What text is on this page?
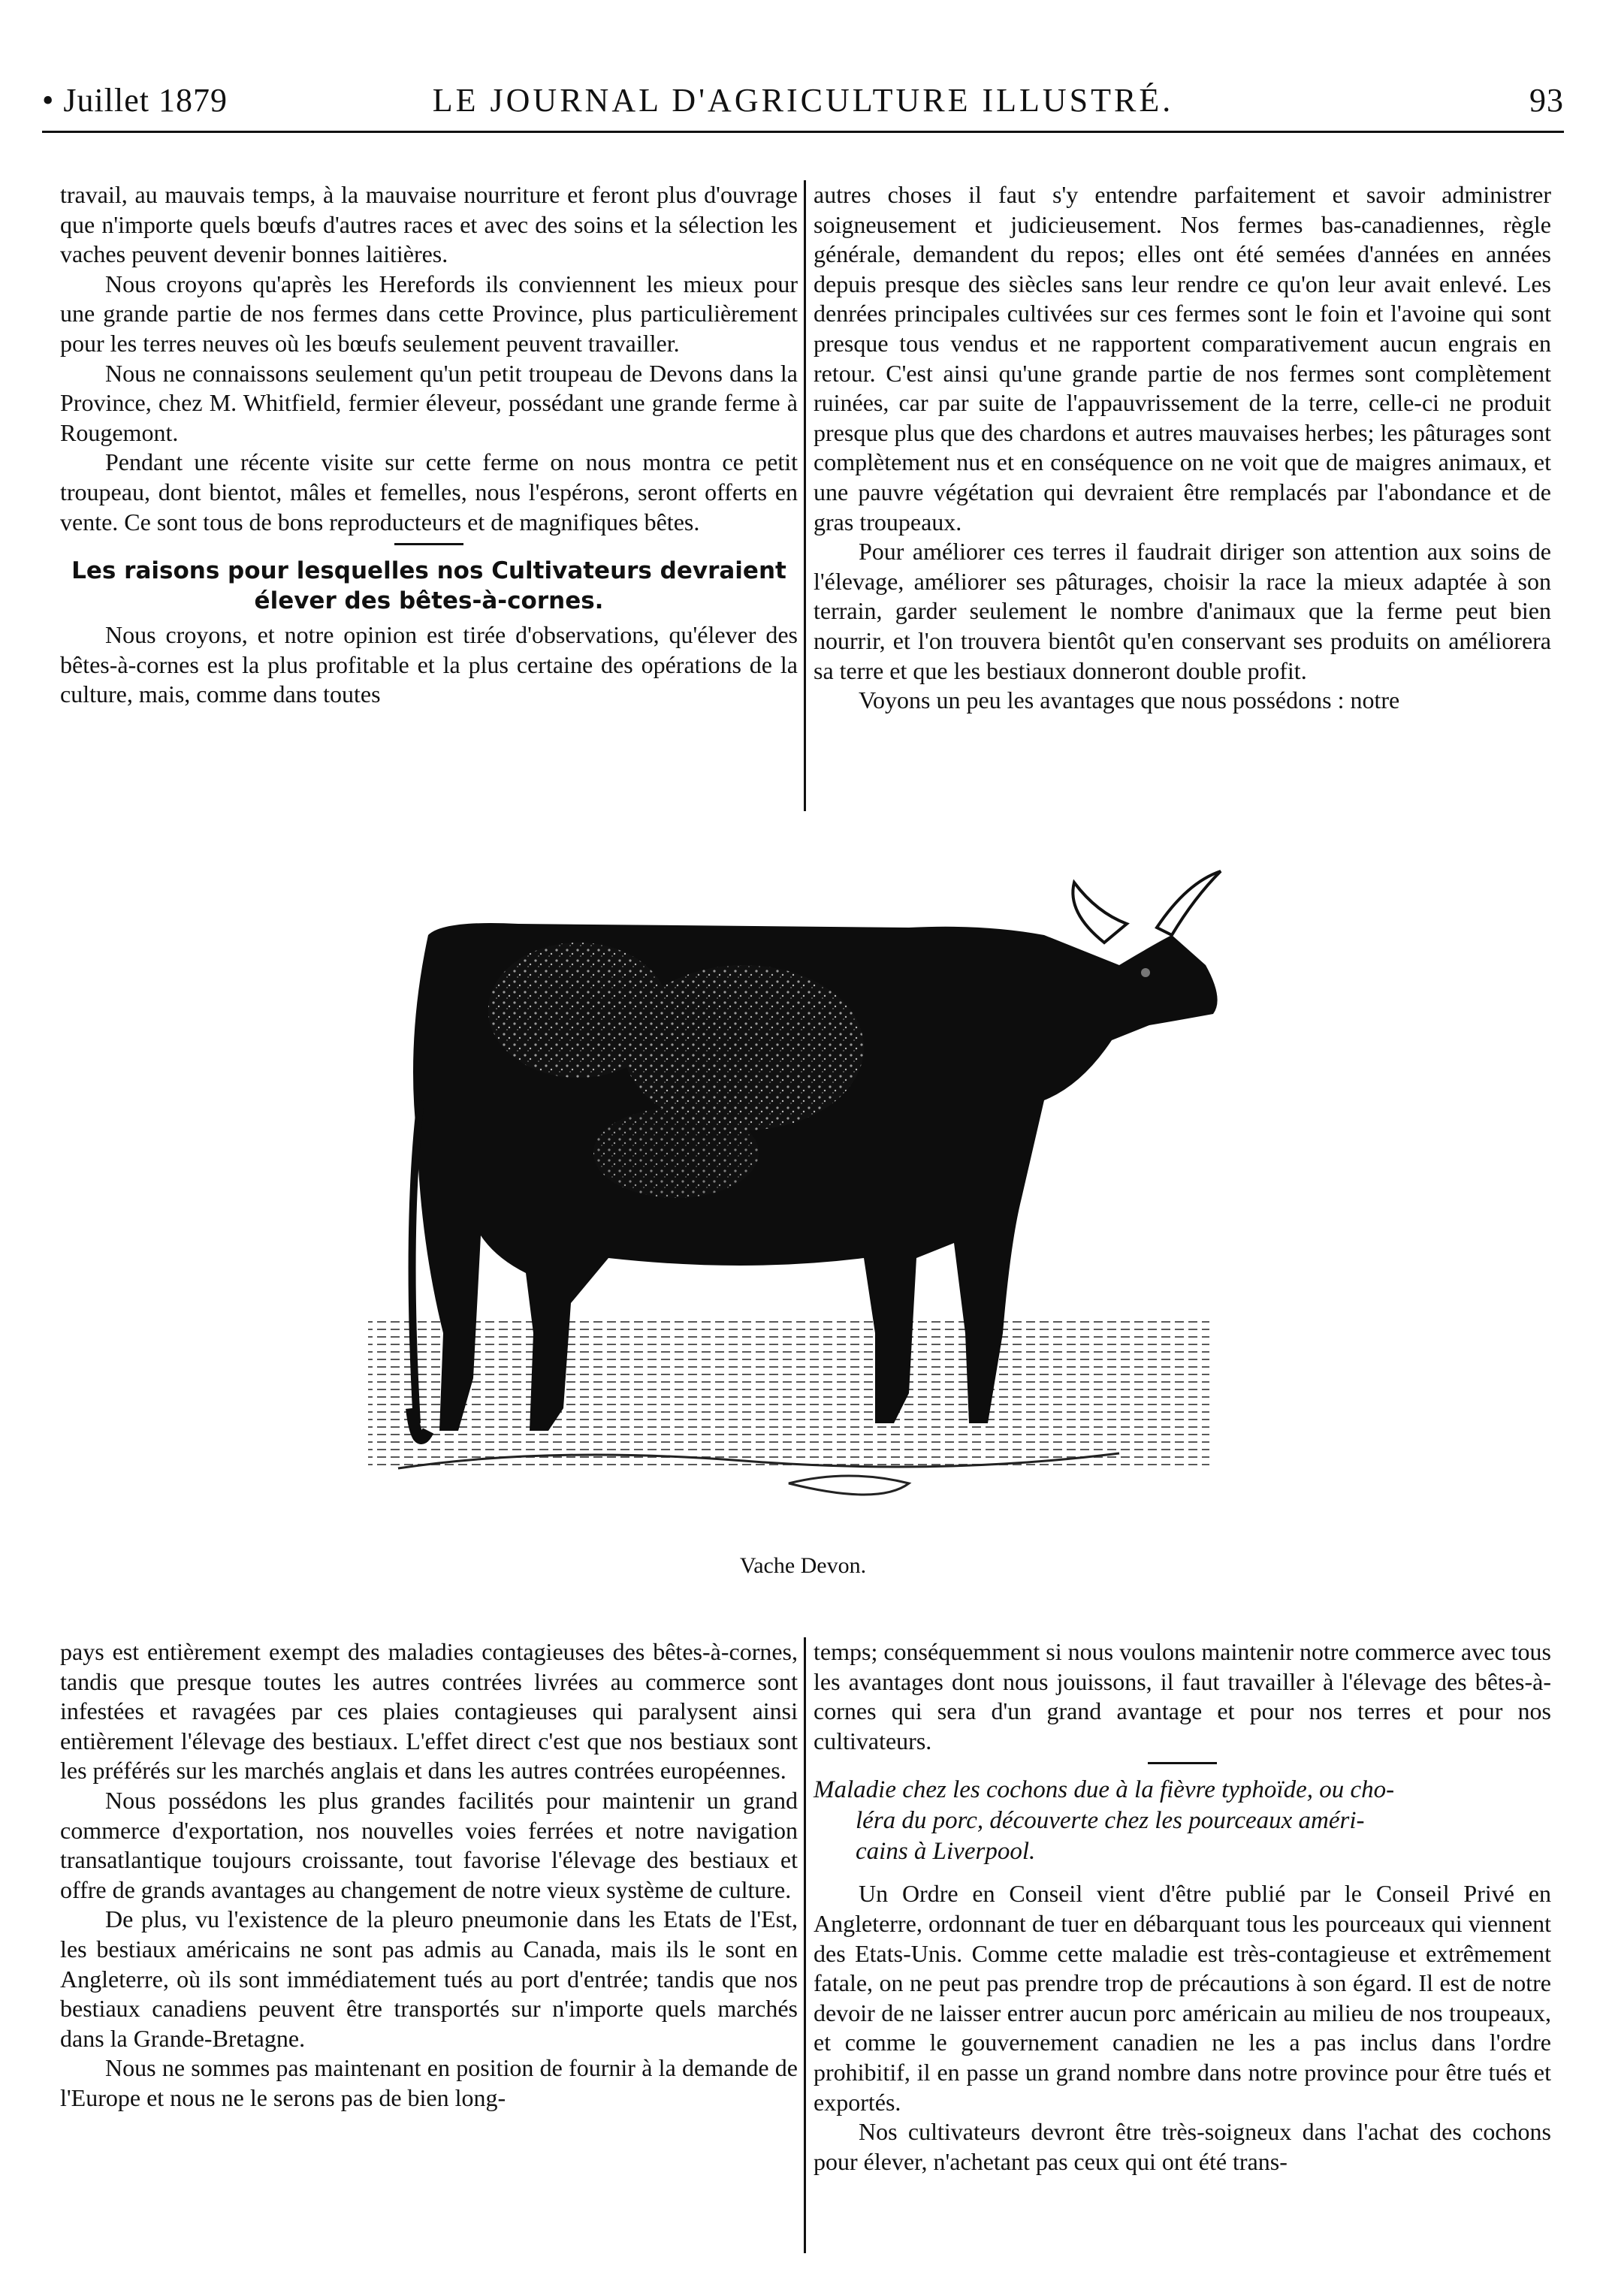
• Juillet 1879	LE JOURNAL D'AGRICULTURE ILLUSTRÉ.	93

travail, au mauvais temps, à la mauvaise nourriture et feront plus d'ouvrage que n'importe quels bœufs d'autres races et avec des soins et la sélection les vaches peuvent devenir bonnes laitières.

Nous croyons qu'après les Herefords ils conviennent les mieux pour une grande partie de nos fermes dans cette Province, plus particulièrement pour les terres neuves où les bœufs seulement peuvent travailler.

Nous ne connaissons seulement qu'un petit troupeau de Devons dans la Province, chez M. Whitfield, fermier éleveur, possédant une grande ferme à Rougemont.

Pendant une récente visite sur cette ferme on nous montra ce petit troupeau, dont bientot, mâles et femelles, nous l'espérons, seront offerts en vente. Ce sont tous de bons reproducteurs et de magnifiques bêtes.

Les raisons pour lesquelles nos Cultivateurs devraient élever des bêtes-à-cornes.

Nous croyons, et notre opinion est tirée d'observations, qu'élever des bêtes-à-cornes est la plus profitable et la plus certaine des opérations de la culture, mais, comme dans toutes

autres choses il faut s'y entendre parfaitement et savoir administrer soigneusement et judicieusement. Nos fermes bas-canadiennes, règle générale, demandent du repos; elles ont été semées d'années en années depuis presque des siècles sans leur rendre ce qu'on leur avait enlevé. Les denrées principales cultivées sur ces fermes sont le foin et l'avoine qui sont presque tous vendus et ne rapportent comparativement aucun engrais en retour. C'est ainsi qu'une grande partie de nos fermes sont complètement ruinées, car par suite de l'appauvrissement de la terre, celle-ci ne produit presque plus que des chardons et autres mauvaises herbes; les pâturages sont complètement nus et en conséquence on ne voit que de maigres animaux, et une pauvre végétation qui devraient être remplacés par l'abondance et de gras troupeaux.

Pour améliorer ces terres il faudrait diriger son attention aux soins de l'élevage, améliorer ses pâturages, choisir la race la mieux adaptée à son terrain, garder seulement le nombre d'animaux que la ferme peut bien nourrir, et l'on trouvera bientôt qu'en conservant ses produits on améliorera sa terre et que les bestiaux donneront double profit.

Voyons un peu les avantages que nous possédons : notre

Vache Devon.

pays est entièrement exempt des maladies contagieuses des bêtes-à-cornes, tandis que presque toutes les autres contrées livrées au commerce sont infestées et ravagées par ces plaies contagieuses qui paralysent ainsi entièrement l'élevage des bestiaux. L'effet direct c'est que nos bestiaux sont les préférés sur les marchés anglais et dans les autres contrées européennes.

Nous possédons les plus grandes facilités pour maintenir un grand commerce d'exportation, nos nouvelles voies ferrées et notre navigation transatlantique toujours croissante, tout favorise l'élevage des bestiaux et offre de grands avantages au changement de notre vieux système de culture.

De plus, vu l'existence de la pleuro pneumonie dans les Etats de l'Est, les bestiaux américains ne sont pas admis au Canada, mais ils le sont en Angleterre, où ils sont immédiatement tués au port d'entrée; tandis que nos bestiaux canadiens peuvent être transportés sur n'importe quels marchés dans la Grande-Bretagne.

Nous ne sommes pas maintenant en position de fournir à la demande de l'Europe et nous ne le serons pas de bien long-

temps; conséquemment si nous voulons maintenir notre commerce avec tous les avantages dont nous jouissons, il faut travailler à l'élevage des bêtes-à-cornes qui sera d'un grand avantage et pour nos terres et pour nos cultivateurs.

Maladie chez les cochons due à la fièvre typhoïde, ou cho-
léra du porc, découverte chez les pourceaux améri-
cains à Liverpool.

Un Ordre en Conseil vient d'être publié par le Conseil Privé en Angleterre, ordonnant de tuer en débarquant tous les pourceaux qui viennent des Etats-Unis. Comme cette maladie est très-contagieuse et extrêmement fatale, on ne peut pas prendre trop de précautions à son égard. Il est de notre devoir de ne laisser entrer aucun porc américain au milieu de nos troupeaux, et comme le gouvernement canadien ne les a pas inclus dans l'ordre prohibitif, il en passe un grand nombre dans notre province pour être tués et exportés.

Nos cultivateurs devront être très-soigneux dans l'achat des cochons pour élever, n'achetant pas ceux qui ont été trans-
